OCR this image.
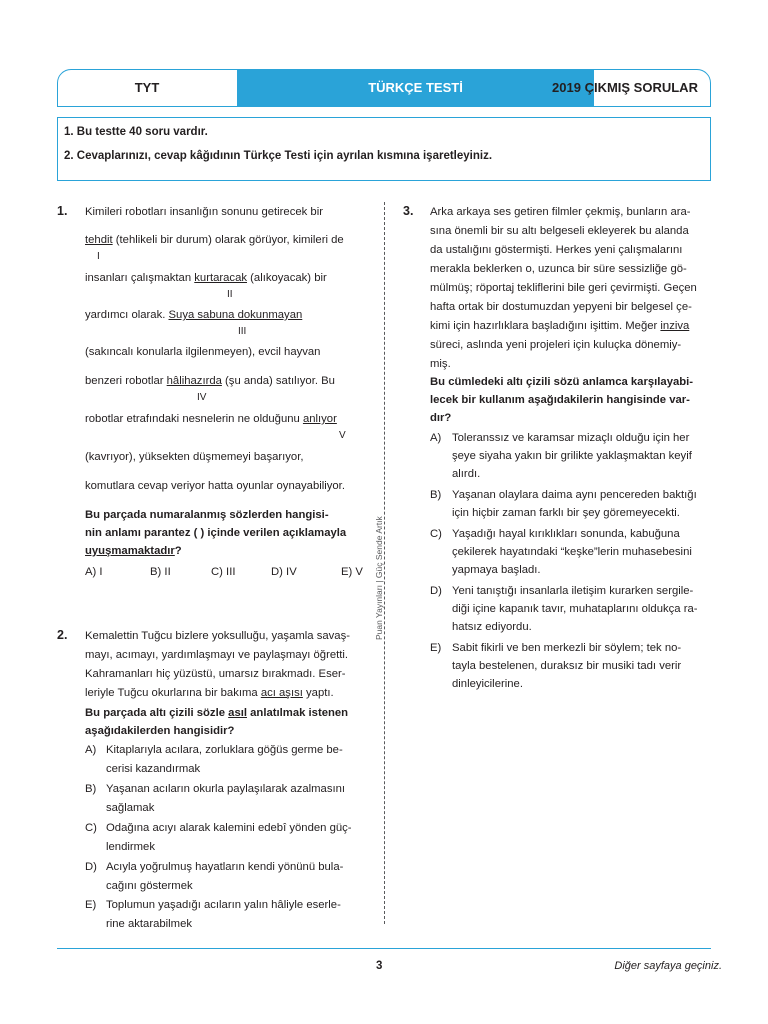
TYT	TÜRKÇE TESTİ	2019 ÇIKMIŞ SORULAR
1. Bu testte 40 soru vardır.
2. Cevaplarınızı, cevap kâğıdının Türkçe Testi için ayrılan kısmına işaretleyiniz.
1. Kimileri robotları insanlığın sonunu getirecek bir
tehdit (tehlikeli bir durum) olarak görüyor, kimileri de
I
insanları çalışmaktan kurtaracak (alıkoyacak) bir
II
yardımcı olarak. Suya sabuna dokunmayan
III
(sakıncalı konularla ilgilenmeyen), evcil hayvan
benzeri robotlar hâlihazırda (şu anda) satılıyor. Bu
IV
robotlar etrafındaki nesnelerin ne olduğunu anlıyor
V
(kavrıyor), yüksekten düşmemeyi başarıyor,
komutlara cevap veriyor hatta oyunlar oynayabiliyor.
Bu parçada numaralanmış sözlerden hangisi-
nin anlamı parantez ( ) içinde verilen açıklamayla
uyuşmamaktadır?
A) I	B) II	C) III	D) IV	E) V
2. Kemalettin Tuğcu bizlere yoksulluğu, yaşamla savaş-
mayı, acımayı, yardımlaşmayı ve paylaşmayı öğretti.
Kahramanları hiç yüzüstü, umarsız bırakmadı. Eser-
leriyle Tuğcu okurlarına bir bakıma acı aşısı yaptı.
Bu parçada altı çizili sözle asıl anlatılmak istenen
aşağıdakilerden hangisidir?
A) Kitaplarıyla acılara, zorluklara göğüs germe be-
cerisi kazandırmak
B) Yaşanan acıların okurla paylaşılarak azalmasını
sağlamak
C) Odağına acıyı alarak kalemini edebî yönden güç-
lendirmek
D) Acıyla yoğrulmuş hayatların kendi yönünü bula-
cağını göstermek
E) Toplumun yaşadığı acıların yalın hâliyle eserle-
rine aktarabilmek
Puan Yayınları | Güç Sende Artık
3. Arka arkaya ses getiren filmler çekmiş, bunların ara-
sına önemli bir su altı belgeseli ekleyerek bu alanda
da ustalığını göstermişti. Herkes yeni çalışmalarını
merakla beklerken o, uzunca bir süre sessizliğe gö-
mülmüş; röportaj tekliflerini bile geri çevirmişti. Geçen
hafta ortak bir dostumuzdan yepyeni bir belgesel çe-
kimi için hazırlıklara başladığını işittim. Meğer inziva
süreci, aslında yeni projeleri için kuluçka dönemiy-
miş.
Bu cümledeki altı çizili sözü anlamca karşılayabi-
lecek bir kullanım aşağıdakilerin hangisinde var-
dır?
A) Toleranssız ve karamsar mizaçlı olduğu için her
şeye siyaha yakın bir grilikte yaklaşmaktan keyif
alırdı.
B) Yaşanan olaylara daima aynı pencereden baktığı
için hiçbir zaman farklı bir şey göremeyecekti.
C) Yaşadığı hayal kırıklıkları sonunda, kabuğuna
çekilerek hayatındaki “keşke”lerin muhasebesini
yapmaya başladı.
D) Yeni tanıştığı insanlarla iletişim kurarken sergile-
diği içine kapanık tavır, muhataplarını oldukça ra-
hatsız ediyordu.
E) Sabit fikirli ve ben merkezli bir söylem; tek no-
tayla bestelenen, duraksız bir musiki tadı verir
dinleyicilerine.
3	Diğer sayfaya geçiniz.
